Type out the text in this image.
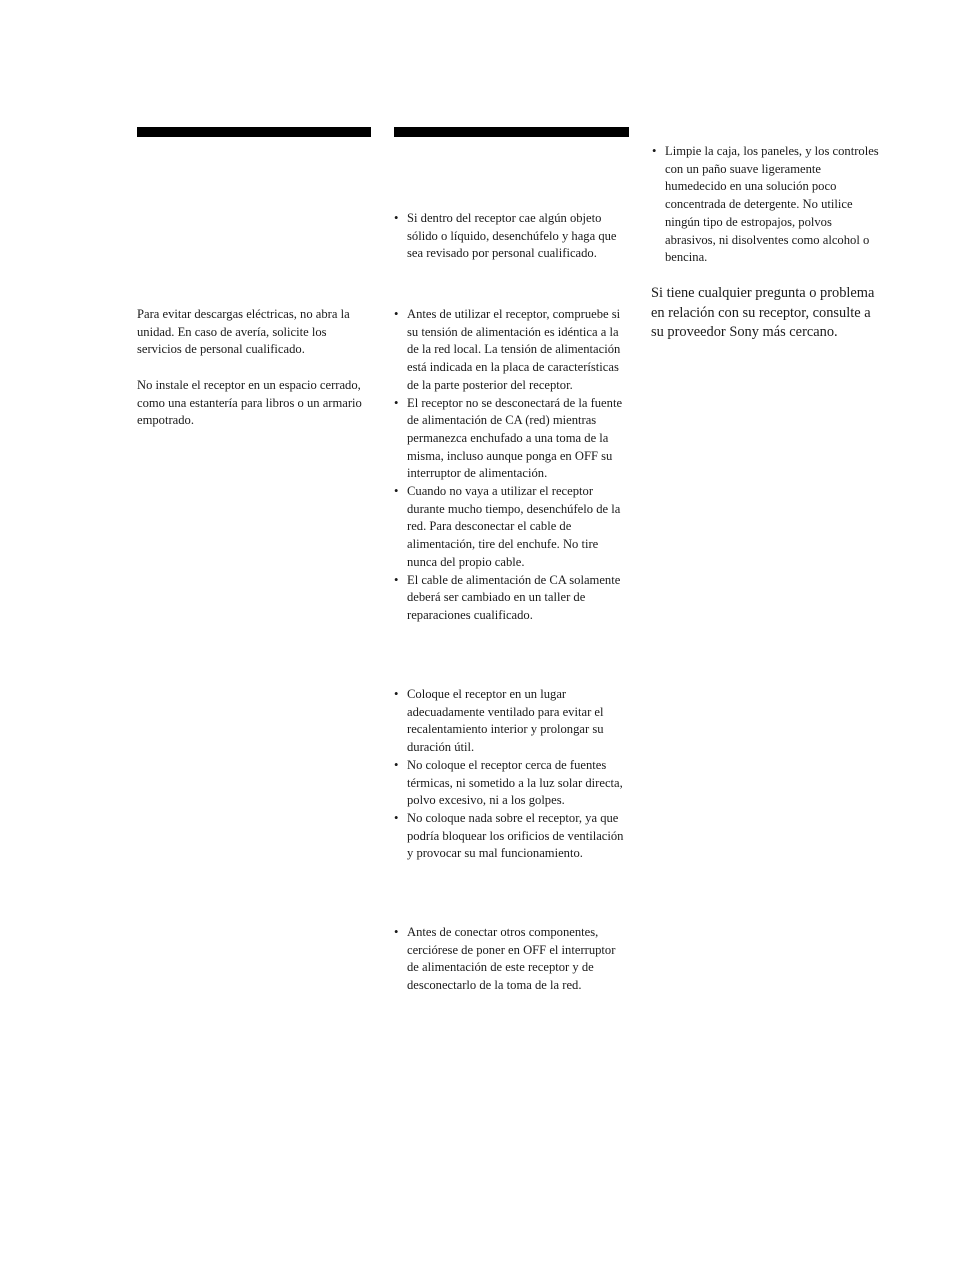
Para evitar descargas eléctricas, no abra la unidad. En caso de avería, solicite los servicios de personal cualificado.

No instale el receptor en un espacio cerrado, como una estantería para libros o un armario empotrado.

• Si dentro del receptor cae algún objeto sólido o líquido, desenchúfelo y haga que sea revisado por personal cualificado.
• Antes de utilizar el receptor, compruebe si su tensión de alimentación es idéntica a la de la red local. La tensión de alimentación está indicada en la placa de características de la parte posterior del receptor.
• El receptor no se desconectará de la fuente de alimentación de CA (red) mientras permanezca enchufado a una toma de la misma, incluso aunque ponga en OFF su interruptor de alimentación.
• Cuando no vaya a utilizar el receptor durante mucho tiempo, desenchúfelo de la red. Para desconectar el cable de alimentación, tire del enchufe. No tire nunca del propio cable.
• El cable de alimentación de CA solamente deberá ser cambiado en un taller de reparaciones cualificado.
• Coloque el receptor en un lugar adecuadamente ventilado para evitar el recalentamiento interior y prolongar su duración útil.
• No coloque el receptor cerca de fuentes térmicas, ni sometido a la luz solar directa, polvo excesivo, ni a los golpes.
• No coloque nada sobre el receptor, ya que podría bloquear los orificios de ventilación y provocar su mal funcionamiento.
• Antes de conectar otros componentes, cerciórese de poner en OFF el interruptor de alimentación de este receptor y de desconectarlo de la toma de la red.
• Limpie la caja, los paneles, y los controles con un paño suave ligeramente humedecido en una solución poco concentrada de detergente. No utilice ningún tipo de estropajos, polvos abrasivos, ni disolventes como alcohol o bencina.

Si tiene cualquier pregunta o problema en relación con su receptor, consulte a su proveedor Sony más cercano.
